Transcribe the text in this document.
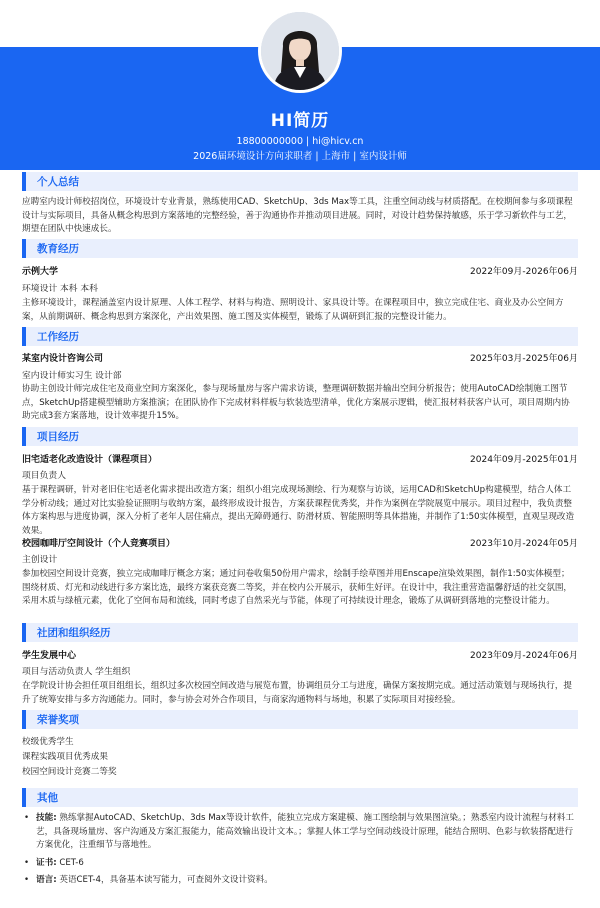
HI简历
18800000000 | hi@hicv.cn
2026届环境设计方向求职者 | 上海市 | 室内设计师
个人总结
应聘室内设计师校招岗位，环境设计专业背景，熟练使用CAD、SketchUp、3ds Max等工具，注重空间动线与材质搭配。在校期间参与多项课程设计与实际项目，具备从概念构思到方案落地的完整经验，善于沟通协作并推动项目进展。同时，对设计趋势保持敏感，乐于学习新软件与工艺，期望在团队中快速成长。
教育经历
示例大学	2022年09月-2026年06月
环境设计 本科 本科
主修环境设计，课程涵盖室内设计原理、人体工程学、材料与构造、照明设计、家具设计等。在课程项目中，独立完成住宅、商业及办公空间方案，从前期调研、概念构思到方案深化，产出效果图、施工图及实体模型，锻炼了从调研到汇报的完整设计能力。
工作经历
某室内设计咨询公司	2025年03月-2025年06月
室内设计师实习生 设计部
协助主创设计师完成住宅及商业空间方案深化，参与现场量房与客户需求访谈，整理调研数据并输出空间分析报告；使用AutoCAD绘制施工图节点，SketchUp搭建模型辅助方案推演；在团队协作下完成材料样板与软装选型清单，优化方案展示逻辑，使汇报材料获客户认可，项目周期内协助完成3套方案落地，设计效率提升15%。
项目经历
旧宅适老化改造设计（课程项目）	2024年09月-2025年01月
项目负责人
基于课程调研，针对老旧住宅适老化需求提出改造方案；组织小组完成现场测绘、行为观察与访谈，运用CAD和SketchUp构建模型，结合人体工学分析动线；通过对比实验验证照明与收纳方案，最终形成设计报告，方案获课程优秀奖，并作为案例在学院展览中展示。项目过程中，我负责整体方案构思与进度协调，深入分析了老年人居住痛点，提出无障碍通行、防滑材质、智能照明等具体措施，并制作了1:50实体模型，直观呈现改造效果。
校园咖啡厅空间设计（个人竞赛项目）	2023年10月-2024年05月
主创设计
参加校园空间设计竞赛，独立完成咖啡厅概念方案；通过问卷收集50份用户需求，绘制手绘草图并用Enscape渲染效果图，制作1:50实体模型；围绕材质、灯光和动线进行多方案比选，最终方案获竞赛二等奖，并在校内公开展示，获师生好评。在设计中，我注重营造温馨舒适的社交氛围，采用木质与绿植元素，优化了空间布局和流线，同时考虑了自然采光与节能，体现了可持续设计理念，锻炼了从调研到落地的完整设计能力。
社团和组织经历
学生发展中心	2023年09月-2024年06月
项目与活动负责人 学生组织
在学院设计协会担任项目组组长，组织过多次校园空间改造与展览布置，协调组员分工与进度，确保方案按期完成。通过活动策划与现场执行，提升了统筹安排与多方沟通能力。同时，参与协会对外合作项目，与商家沟通物料与场地，积累了实际项目对接经验。
荣誉奖项
校级优秀学生
课程实践项目优秀成果
校园空间设计竞赛二等奖
其他
• 技能: 熟练掌握AutoCAD、SketchUp、3ds Max等设计软件，能独立完成方案建模、施工图绘制与效果图渲染。；熟悉室内设计流程与材料工艺，具备现场量房、客户沟通及方案汇报能力，能高效输出设计文本。；掌握人体工学与空间动线设计原理，能结合照明、色彩与软装搭配进行方案优化，注重细节与落地性。
• 证书: CET-6
• 语言: 英语CET-4，具备基本读写能力，可查阅外文设计资料。
